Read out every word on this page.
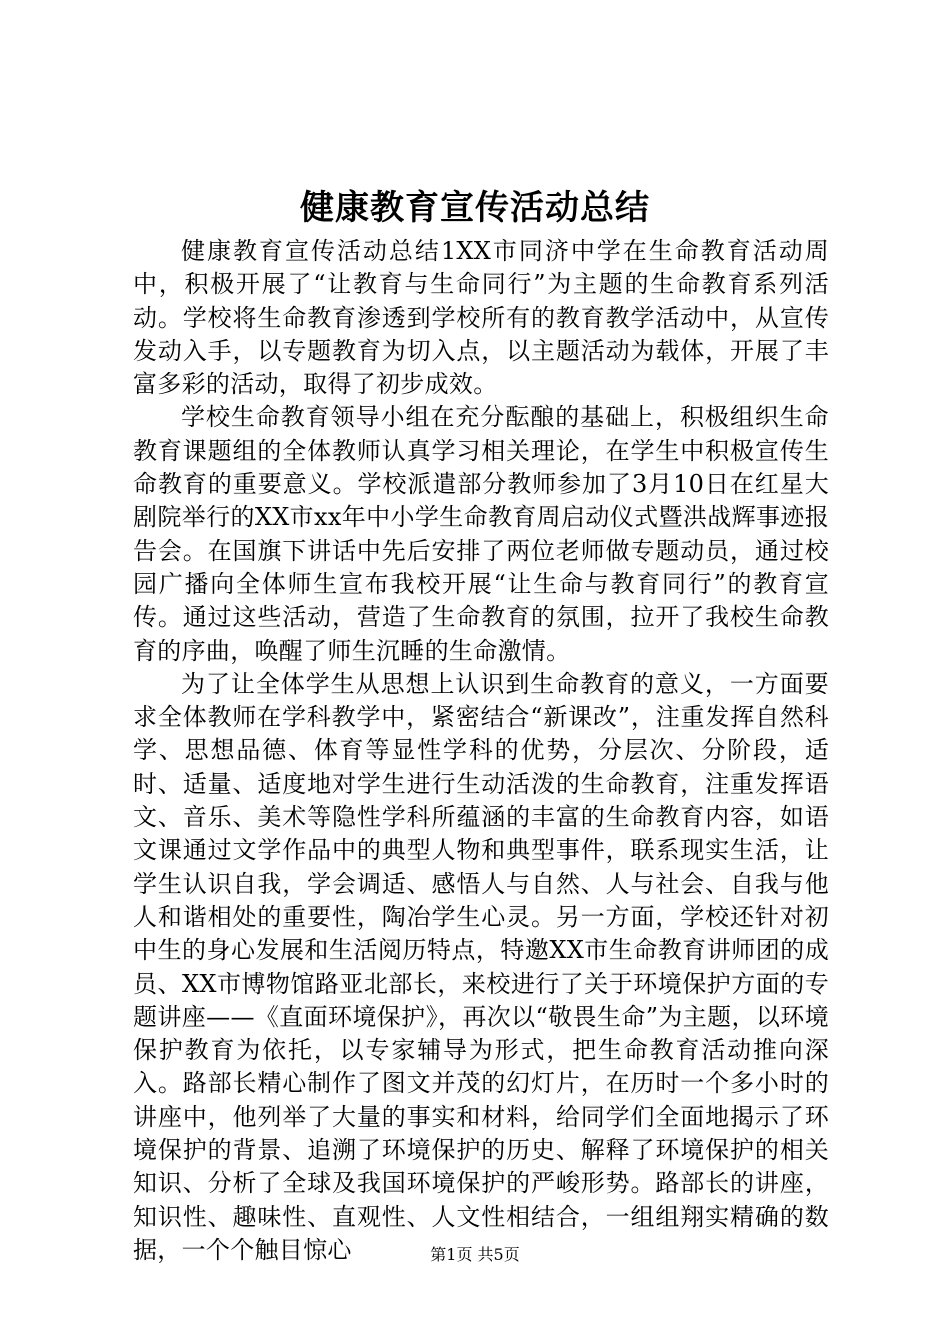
健康教育宣传活动总结

健康教育宣传活动总结1XX市同济中学在生命教育活动周中，积极开展了“让教育与生命同行”为主题的生命教育系列活动。学校将生命教育渗透到学校所有的教育教学活动中，从宣传发动入手，以专题教育为切入点，以主题活动为载体，开展了丰富多彩的活动，取得了初步成效。

学校生命教育领导小组在充分酝酿的基础上，积极组织生命教育课题组的全体教师认真学习相关理论，在学生中积极宣传生命教育的重要意义。学校派遣部分教师参加了3月10日在红星大剧院举行的XX市xx年中小学生命教育周启动仪式暨洪战辉事迹报告会。在国旗下讲话中先后安排了两位老师做专题动员，通过校园广播向全体师生宣布我校开展“让生命与教育同行”的教育宣传。通过这些活动，营造了生命教育的氛围，拉开了我校生命教育的序曲，唤醒了师生沉睡的生命激情。

为了让全体学生从思想上认识到生命教育的意义，一方面要求全体教师在学科教学中，紧密结合“新课改”，注重发挥自然科学、思想品德、体育等显性学科的优势，分层次、分阶段，适时、适量、适度地对学生进行生动活泼的生命教育，注重发挥语文、音乐、美术等隐性学科所蕴涵的丰富的生命教育内容，如语文课通过文学作品中的典型人物和典型事件，联系现实生活，让学生认识自我，学会调适、感悟人与自然、人与社会、自我与他人和谐相处的重要性，陶冶学生心灵。另一方面，学校还针对初中生的身心发展和生活阅历特点，特邀XX市生命教育讲师团的成员、XX市博物馆路亚北部长，来校进行了关于环境保护方面的专题讲座——《直面环境保护》，再次以“敬畏生命”为主题，以环境保护教育为依托，以专家辅导为形式，把生命教育活动推向深入。路部长精心制作了图文并茂的幻灯片，在历时一个多小时的讲座中，他列举了大量的事实和材料，给同学们全面地揭示了环境保护的背景、追溯了环境保护的历史、解释了环境保护的相关知识、分析了全球及我国环境保护的严峻形势。路部长的讲座，知识性、趣味性、直观性、人文性相结合，一组组翔实精确的数据，一个个触目惊心	第1页 共5页
